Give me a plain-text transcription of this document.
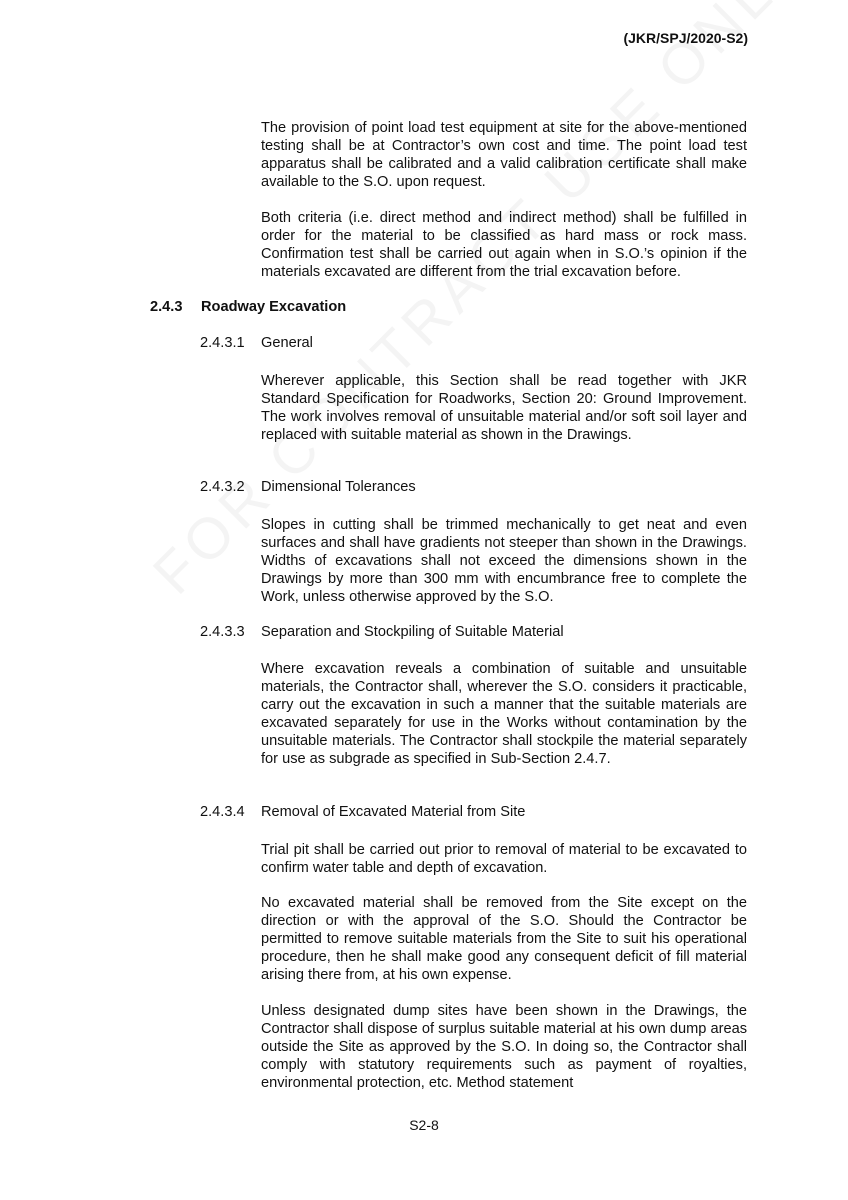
(JKR/SPJ/2020-S2)

The provision of point load test equipment at site for the above-mentioned testing shall be at Contractor’s own cost and time. The point load test apparatus shall be calibrated and a valid calibration certificate shall make available to the S.O. upon request.

Both criteria (i.e. direct method and indirect method) shall be fulfilled in order for the material to be classified as hard mass or rock mass. Confirmation test shall be carried out again when in S.O.’s opinion if the materials excavated are different from the trial excavation before.

2.4.3 Roadway Excavation
2.4.3.1 General

Wherever applicable, this Section shall be read together with JKR Standard Specification for Roadworks, Section 20: Ground Improvement. The work involves removal of unsuitable material and/or soft soil layer and replaced with suitable material as shown in the Drawings.

2.4.3.2 Dimensional Tolerances

Slopes in cutting shall be trimmed mechanically to get neat and even surfaces and shall have gradients not steeper than shown in the Drawings. Widths of excavations shall not exceed the dimensions shown in the Drawings by more than 300 mm with encumbrance free to complete the Work, unless otherwise approved by the S.O.

2.4.3.3 Separation and Stockpiling of Suitable Material

Where excavation reveals a combination of suitable and unsuitable materials, the Contractor shall, wherever the S.O. considers it practicable, carry out the excavation in such a manner that the suitable materials are excavated separately for use in the Works without contamination by the unsuitable materials. The Contractor shall stockpile the material separately for use as subgrade as specified in Sub-Section 2.4.7.

2.4.3.4 Removal of Excavated Material from Site

Trial pit shall be carried out prior to removal of material to be excavated to confirm water table and depth of excavation.

No excavated material shall be removed from the Site except on the direction or with the approval of the S.O. Should the Contractor be permitted to remove suitable materials from the Site to suit his operational procedure, then he shall make good any consequent deficit of fill material arising there from, at his own expense.

Unless designated dump sites have been shown in the Drawings, the Contractor shall dispose of surplus suitable material at his own dump areas outside the Site as approved by the S.O. In doing so, the Contractor shall comply with statutory requirements such as payment of royalties, environmental protection, etc. Method statement

S2-8
